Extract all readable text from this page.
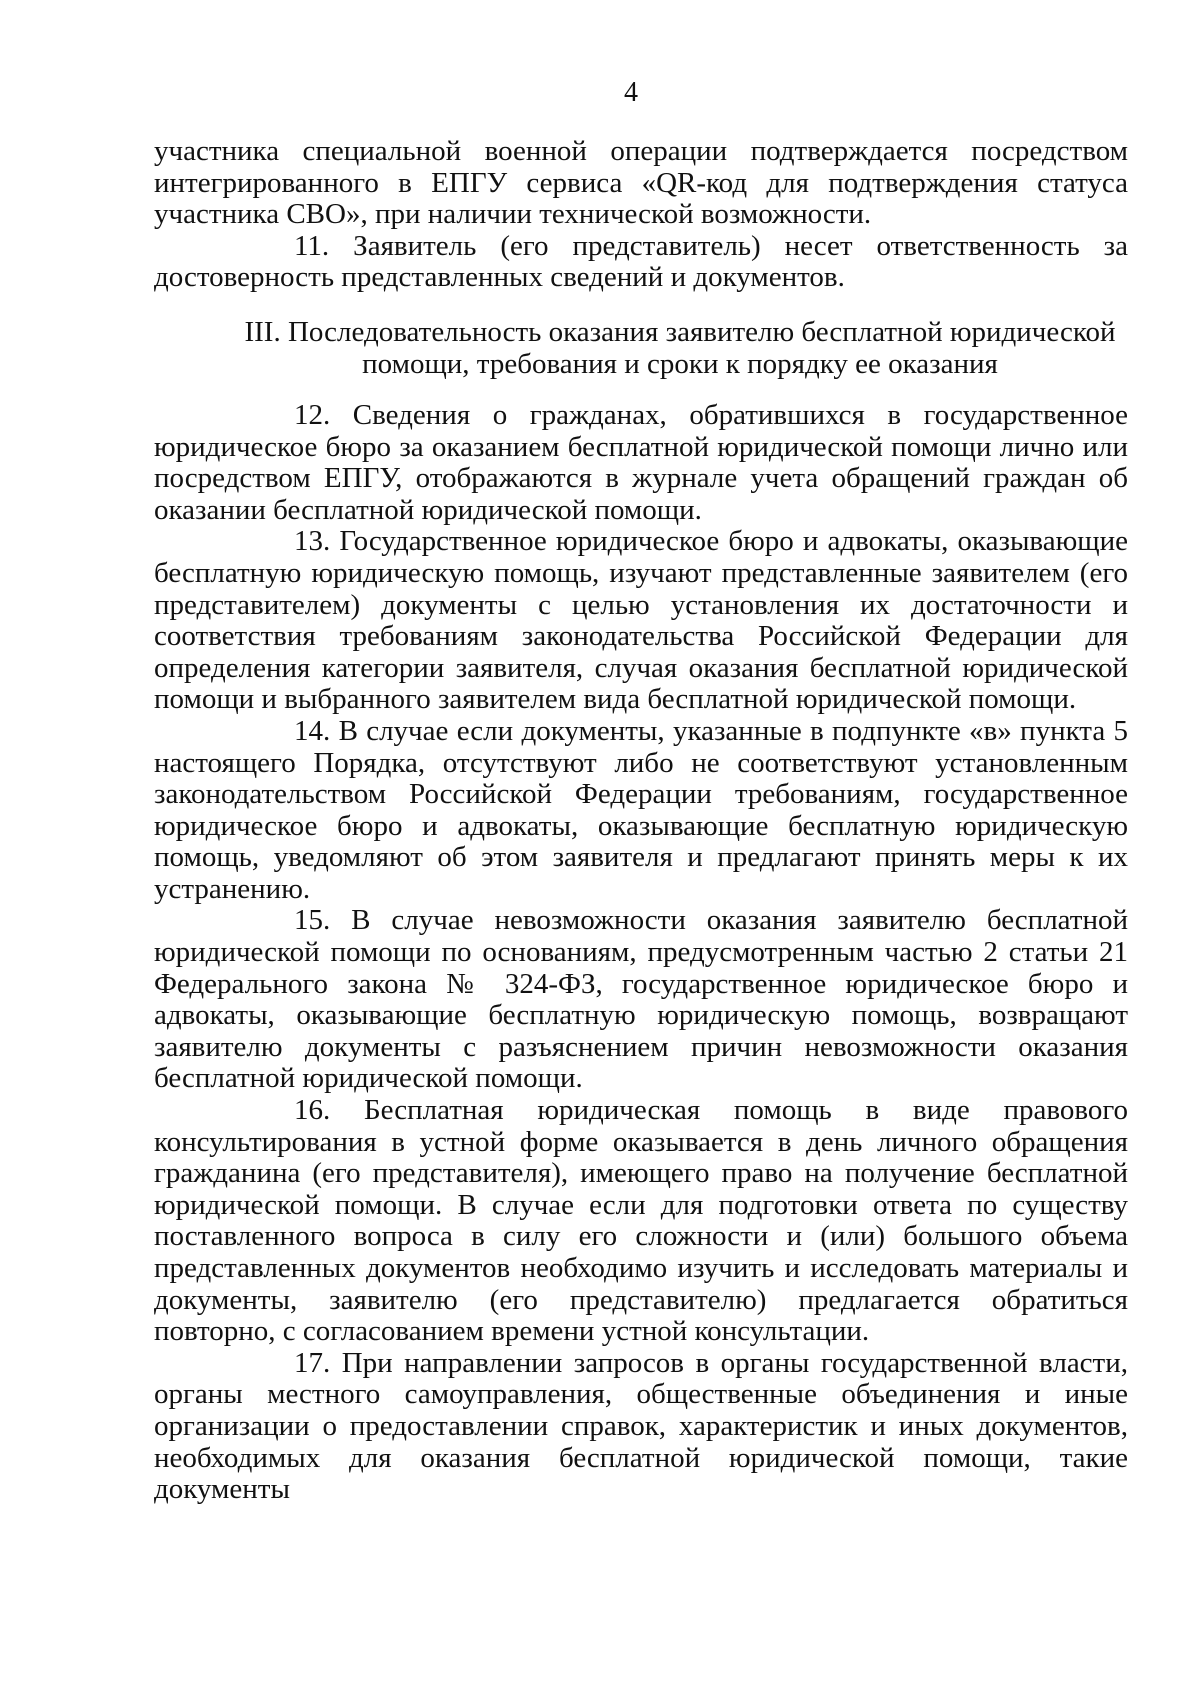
4

участника специальной военной операции подтверждается посредством интегрированного в ЕПГУ сервиса «QR-код для подтверждения статуса участника СВО», при наличии технической возможности.

11. Заявитель (его представитель) несет ответственность за достоверность представленных сведений и документов.

III. Последовательность оказания заявителю бесплатной юридической
помощи, требования и сроки к порядку ее оказания

12. Сведения о гражданах, обратившихся в государственное юридическое бюро за оказанием бесплатной юридической помощи лично или посредством ЕПГУ, отображаются в журнале учета обращений граждан об оказании бесплатной юридической помощи.

13. Государственное юридическое бюро и адвокаты, оказывающие бесплатную юридическую помощь, изучают представленные заявителем (его представителем) документы с целью установления их достаточности и соответствия требованиям законодательства Российской Федерации для определения категории заявителя, случая оказания бесплатной юридической помощи и выбранного заявителем вида бесплатной юридической помощи.

14. В случае если документы, указанные в подпункте «в» пункта 5 настоящего Порядка, отсутствуют либо не соответствуют установленным законодательством Российской Федерации требованиям, государственное юридическое бюро и адвокаты, оказывающие бесплатную юридическую помощь, уведомляют об этом заявителя и предлагают принять меры к их устранению.

15. В случае невозможности оказания заявителю бесплатной юридической помощи по основаниям, предусмотренным частью 2 статьи 21 Федерального закона № 324-ФЗ, государственное юридическое бюро и адвокаты, оказывающие бесплатную юридическую помощь, возвращают заявителю документы с разъяснением причин невозможности оказания бесплатной юридической помощи.

16. Бесплатная юридическая помощь в виде правового консультирования в устной форме оказывается в день личного обращения гражданина (его представителя), имеющего право на получение бесплатной юридической помощи. В случае если для подготовки ответа по существу поставленного вопроса в силу его сложности и (или) большого объема представленных документов необходимо изучить и исследовать материалы и документы, заявителю (его представителю) предлагается обратиться повторно, с согласованием времени устной консультации.

17. При направлении запросов в органы государственной власти, органы местного самоуправления, общественные объединения и иные организации о предоставлении справок, характеристик и иных документов, необходимых для оказания бесплатной юридической помощи, такие документы
